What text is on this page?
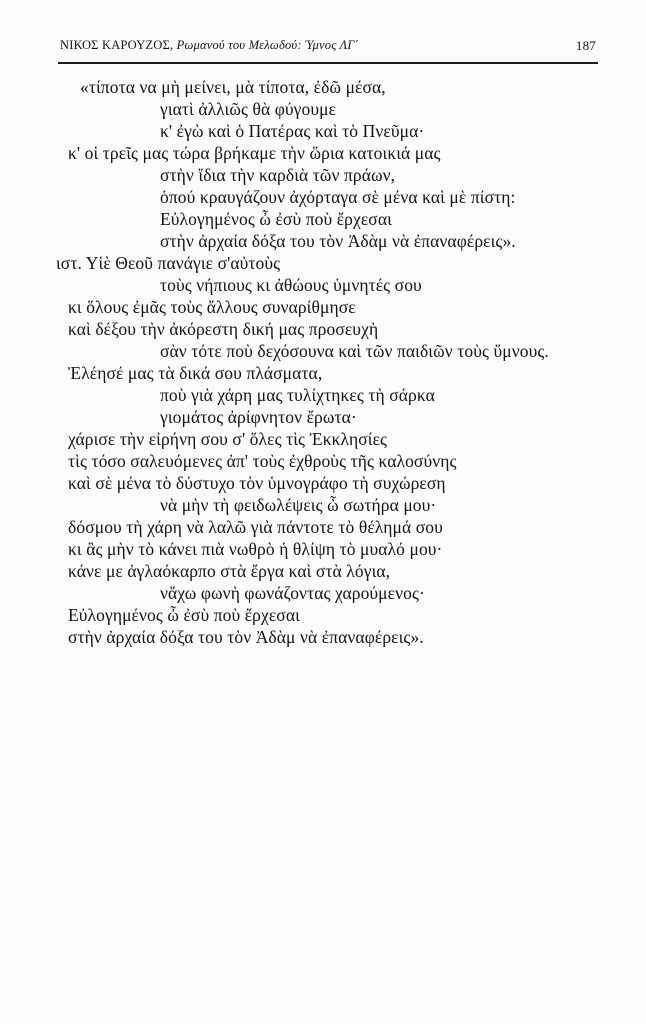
ΝΙΚΟΣ ΚΑΡΟΥΖΟΣ, Ρωμανού του Μελωδού: Ύμνος ΛΓ΄	187
«τίποτα να μὴ μείνει, μὰ τίποτα, ἐδῶ μέσα,
γιατὶ ἀλλιῶς θὰ φύγουμε
κ' ἐγὼ καὶ ὁ Πατέρας καὶ τὸ Πνεῦμα·
κ' οἱ τρεῖς μας τώρα βρήκαμε τὴν ὥρια κατοικιά μας
στὴν ἴδια τὴν καρδιὰ τῶν πράων,
ὁπού κραυγάζουν ἀχόρταγα σὲ μένα καὶ μὲ πίστη:
Εὐλογημένος ὦ ἐσὺ ποὺ ἔρχεσαι
στὴν ἀρχαία δόξα του τὸν Ἀδὰμ νὰ ἐπαναφέρεις».
ιστ. Υἱὲ Θεοῦ πανάγιε σ'αὐτοὺς
τοὺς νήπιους κι ἀθώους ὑμνητές σου
κι ὅλους ἐμᾶς τοὺς ἄλλους συναρίθμησε
καὶ δέξου τὴν ἀκόρεστη δική μας προσευχὴ
σὰν τότε ποὺ δεχόσουνα καὶ τῶν παιδιῶν τοὺς ὕμνους.
Ἐλέησέ μας τὰ δικά σου πλάσματα,
ποὺ γιὰ χάρη μας τυλίχτηκες τὴ σάρκα
γιομάτος ἀρίφνητον ἔρωτα·
χάρισε τὴν εἰρήνη σου σ' ὅλες τὶς Ἐκκλησίες
τὶς τόσο σαλευόμενες ἀπ' τοὺς ἐχθροὺς τῆς καλοσύνης
καὶ σὲ μένα τὸ δύστυχο τὸν ὑμνογράφο τὴ συχώρεση
νὰ μὴν τὴ φειδωλέψεις ὦ σωτήρα μου·
δόσμου τὴ χάρη νὰ λαλῶ γιὰ πάντοτε τὸ θέλημά σου
κι ἂς μὴν τὸ κάνει πιὰ νωθρὸ ἡ θλίψη τὸ μυαλό μου·
κάνε με ἀγλαόκαρπο στὰ ἔργα καὶ στὰ λόγια,
νἄχω φωνὴ φωνάζοντας χαρούμενος·
Εὐλογημένος ὦ ἐσὺ ποὺ ἔρχεσαι
στὴν ἀρχαία δόξα του τὸν Ἀδὰμ νὰ ἐπαναφέρεις».
